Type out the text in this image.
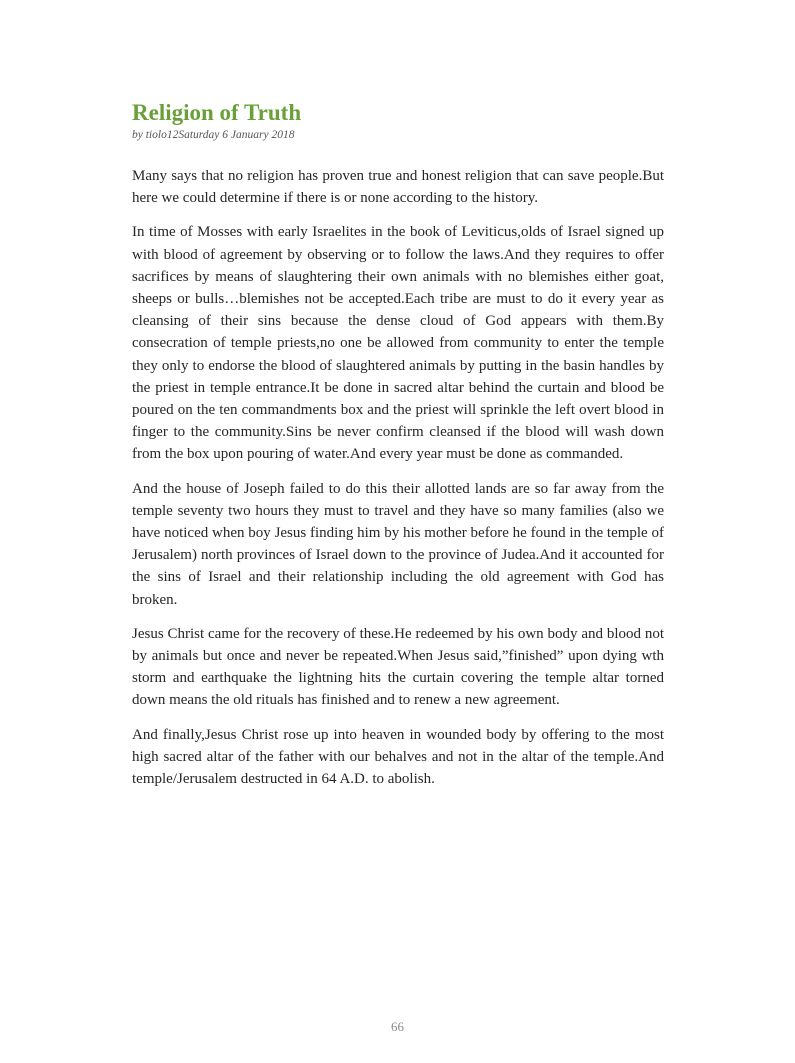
Religion of Truth

by tiolo12Saturday 6 January 2018

Many says that no religion has proven true and honest religion that can save people.But here we could determine if there is or none according to the history.

In time of Mosses with early Israelites in the book of Leviticus,olds of Israel signed up with blood of agreement by observing or to follow the laws.And they requires to offer sacrifices by means of slaughtering their own animals with no blemishes either goat, sheeps or bulls…blemishes not be accepted.Each tribe are must to do it every year as cleansing of their sins because the dense cloud of God appears with them.By consecration of temple priests,no one be allowed from community to enter the temple they only to endorse the blood of slaughtered animals by putting in the basin handles by the priest in temple entrance.It be done in sacred altar behind the curtain and blood be poured on the ten commandments box and the priest will sprinkle the left overt blood in finger to the community.Sins be never confirm cleansed if the blood will wash down from the box upon pouring of water.And every year must be done as commanded.

And the house of Joseph failed to do this their allotted lands are so far away from the temple seventy two hours they must to travel and they have so many families (also we have noticed when boy Jesus finding him by his mother before he found in the temple of Jerusalem) north provinces of Israel down to the province of Judea.And it accounted for the sins of Israel and their relationship including the old agreement with God has broken.

Jesus Christ came for the recovery of these.He redeemed by his own body and blood not by animals but once and never be repeated.When Jesus said,”finished” upon dying wth storm and earthquake the lightning hits the curtain covering the temple altar torned down means the old rituals has finished and to renew a new agreement.

And finally,Jesus Christ rose up into heaven in wounded body by offering to the most high sacred altar of the father with our behalves and not in the altar of the temple.And temple/Jerusalem destructed in 64 A.D. to abolish.

66
